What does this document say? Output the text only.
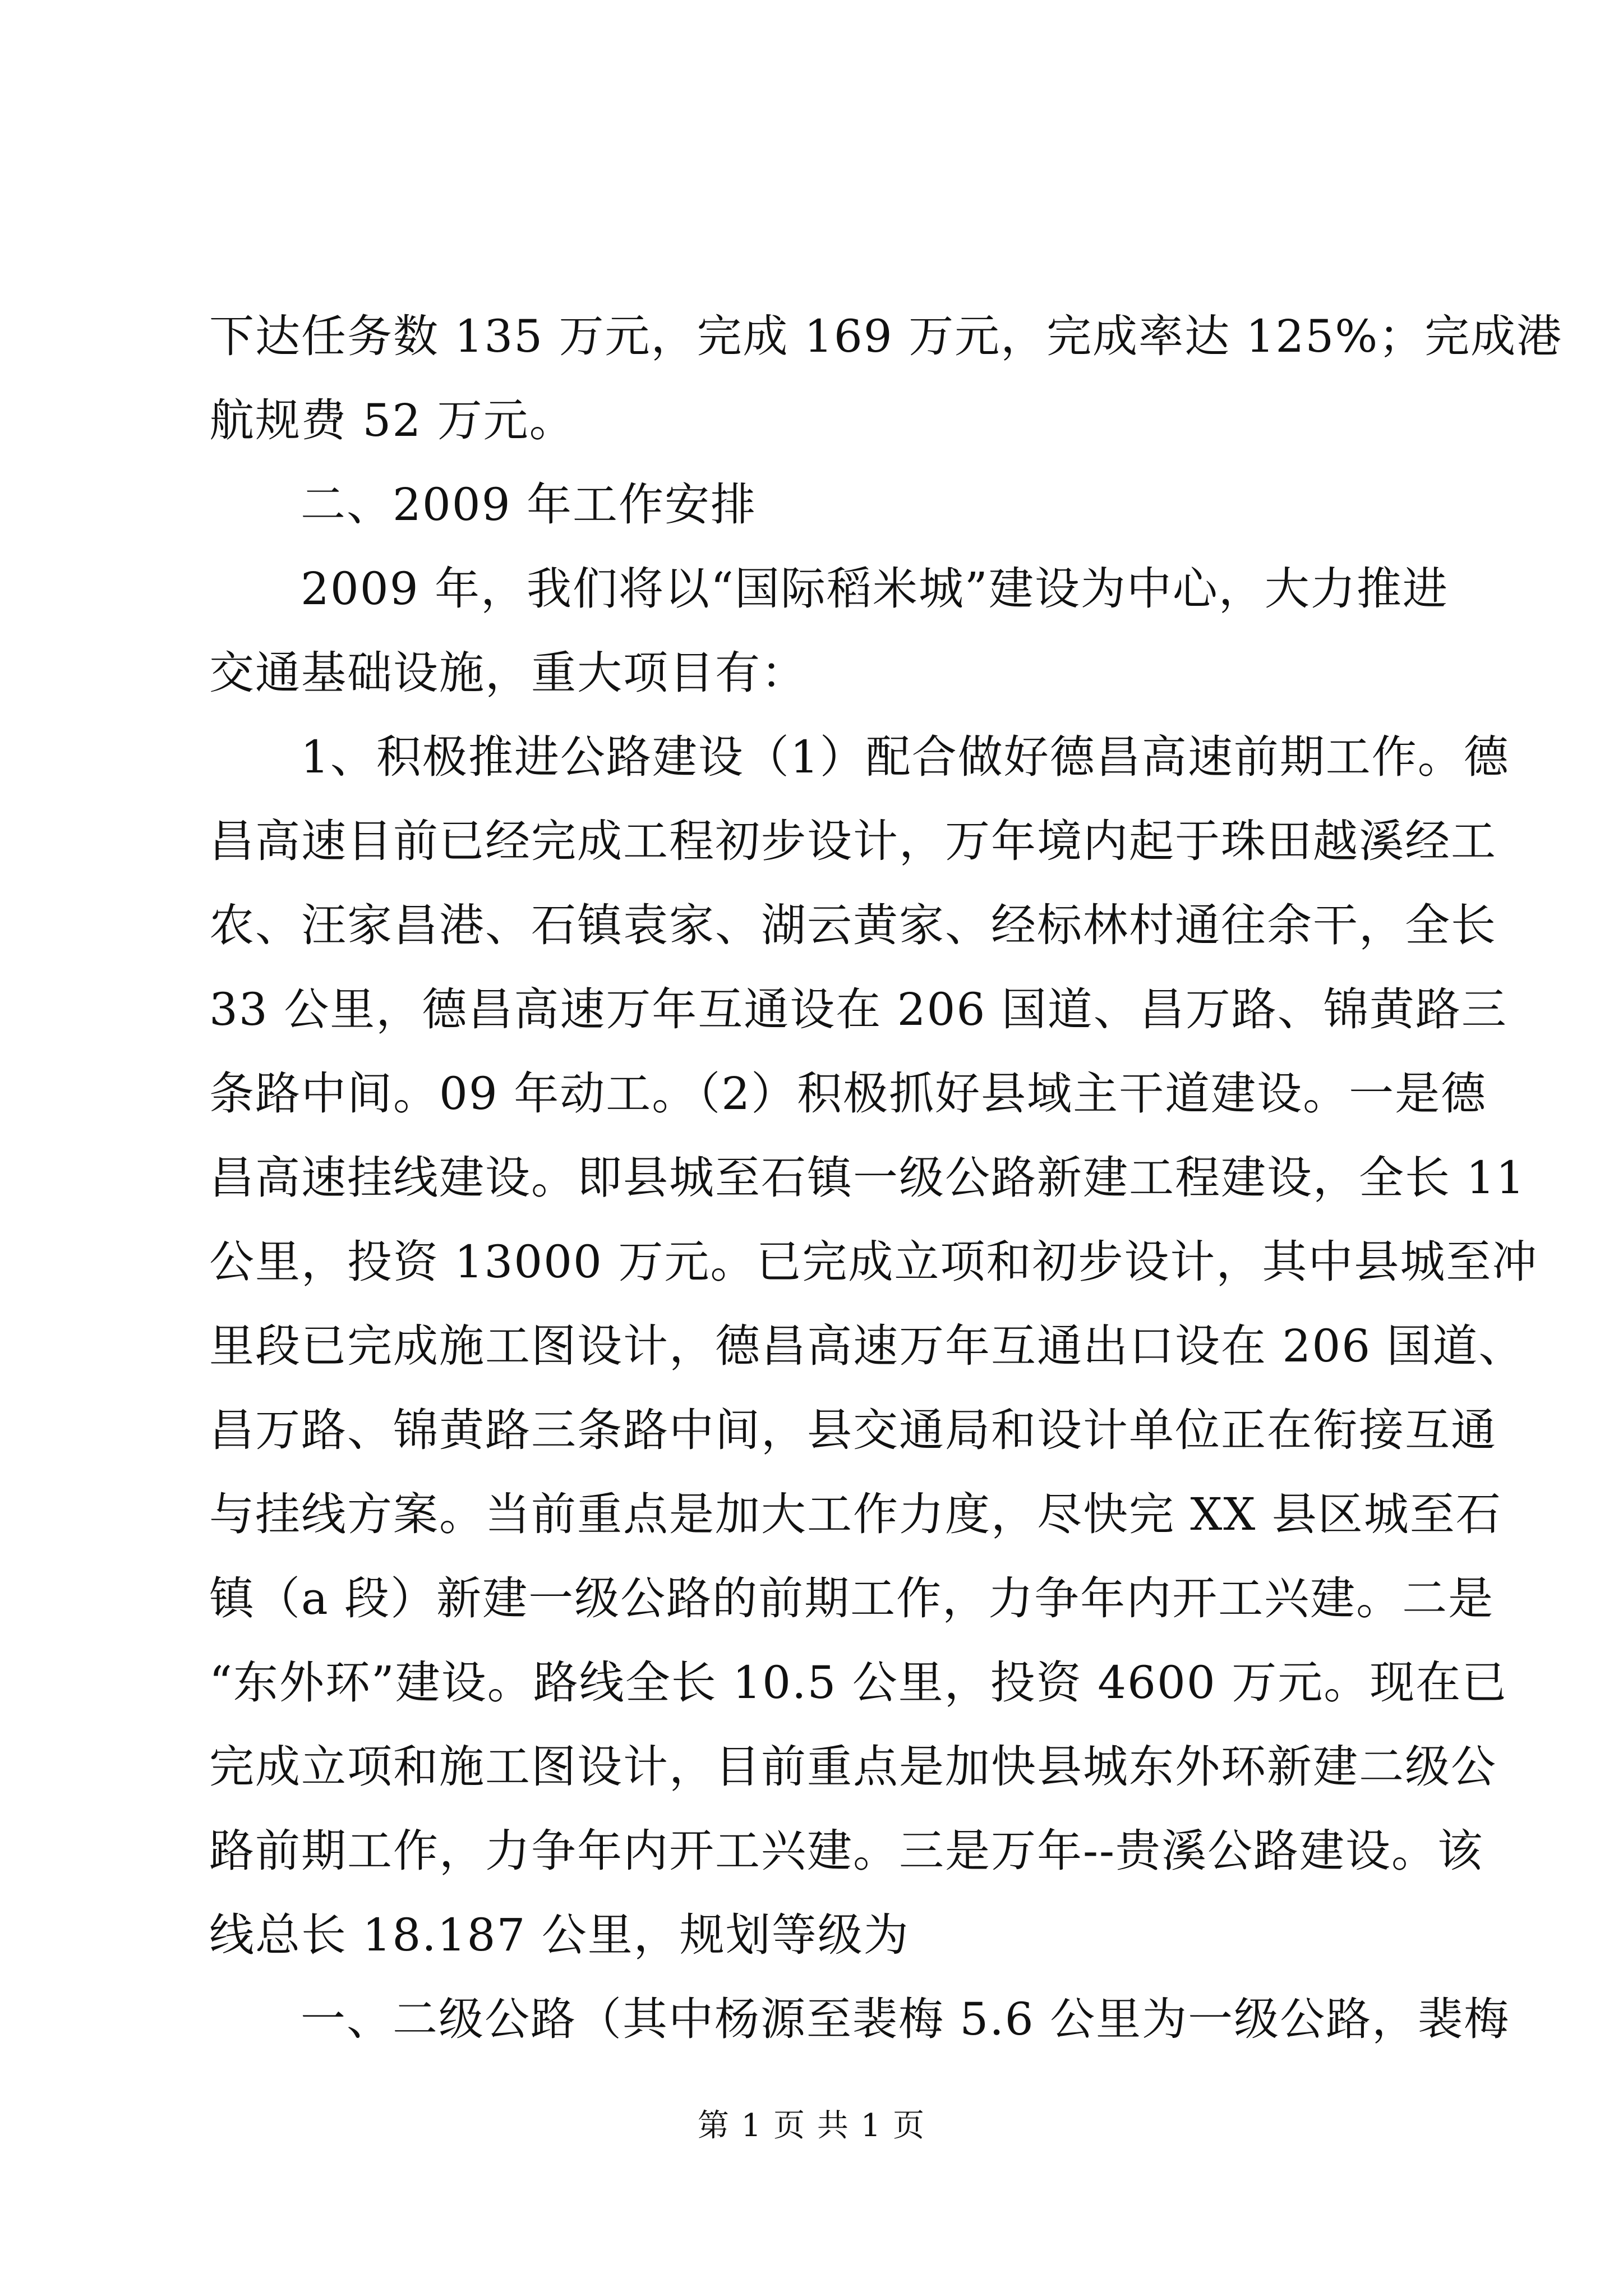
下达任务数 135 万元，完成 169 万元，完成率达 125%；完成港
航规费 52 万元。
二、2009 年工作安排
2009 年，我们将以“国际稻米城”建设为中心，大力推进
交通基础设施，重大项目有：
1、积极推进公路建设（1）配合做好德昌高速前期工作。德
昌高速目前已经完成工程初步设计，万年境内起于珠田越溪经工
农、汪家昌港、石镇袁家、湖云黄家、经标林村通往余干，全长
33 公里，德昌高速万年互通设在 206 国道、昌万路、锦黄路三
条路中间。09 年动工。（2）积极抓好县域主干道建设。一是德
昌高速挂线建设。即县城至石镇一级公路新建工程建设，全长 11
公里，投资 13000 万元。已完成立项和初步设计，其中县城至冲
里段已完成施工图设计，德昌高速万年互通出口设在 206 国道、
昌万路、锦黄路三条路中间，县交通局和设计单位正在衔接互通
与挂线方案。当前重点是加大工作力度，尽快完 XX 县区城至石
镇（a 段）新建一级公路的前期工作，力争年内开工兴建。二是
“东外环”建设。路线全长 10.5 公里，投资 4600 万元。现在已
完成立项和施工图设计，目前重点是加快县城东外环新建二级公
路前期工作，力争年内开工兴建。三是万年--贵溪公路建设。该
线总长 18.187 公里，规划等级为
一、二级公路（其中杨源至裴梅 5.6 公里为一级公路，裴梅
第 1 页 共 1 页
